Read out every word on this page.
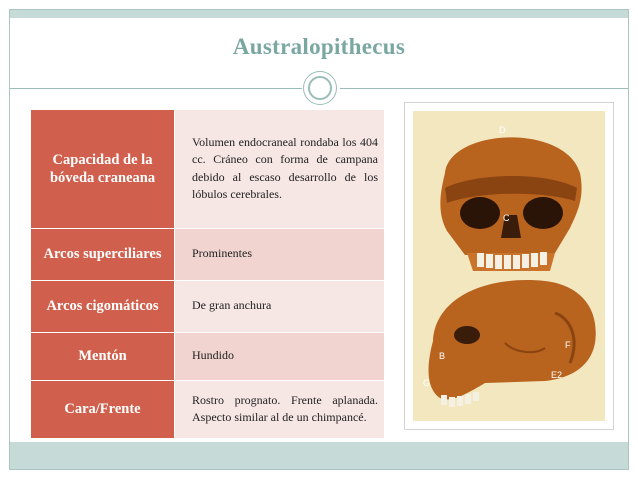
Australopithecus
Capacidad de la bóveda craneana	Volumen endocraneal rondaba los 404 cc. Cráneo con forma de campana debido al escaso desarrollo de los lóbulos cerebrales.
Arcos superciliares	Prominentes
Arcos cigomáticos	De gran anchura
Mentón	Hundido
Cara/Frente	Rostro prognato. Frente aplanada. Aspecto similar al de un chimpancé.
D
C
B
F
G
E2
